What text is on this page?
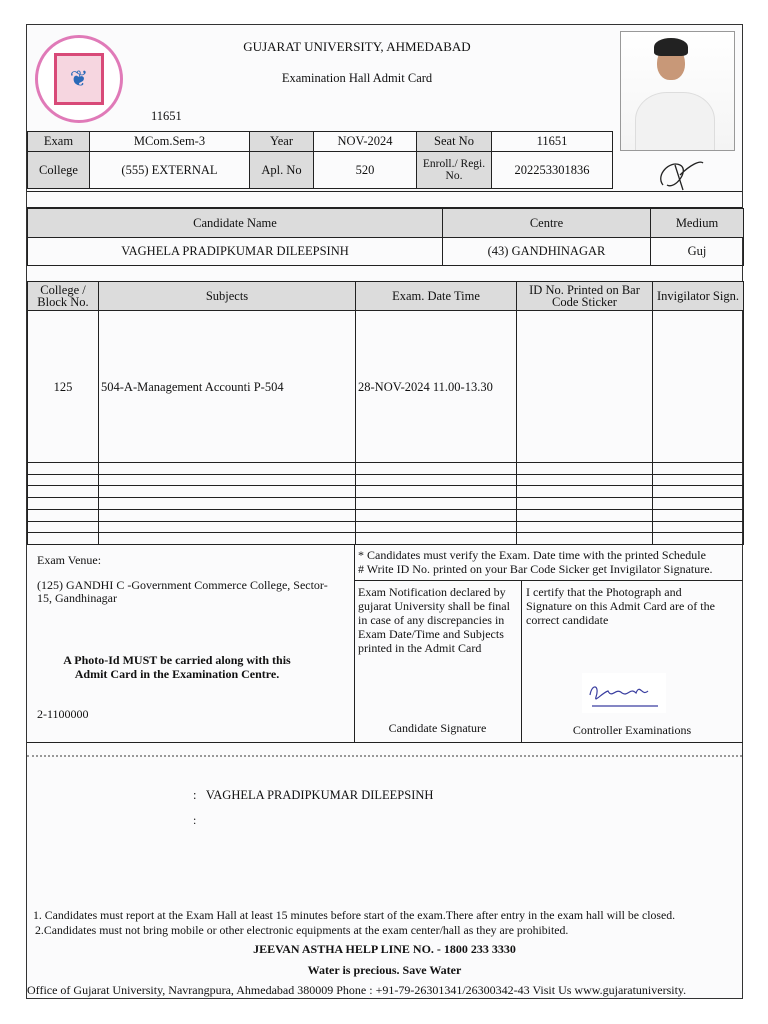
❦
GUJARAT UNIVERSITY, AHMEDABAD
Examination Hall Admit Card
11651
Exam	MCom.Sem-3	Year	NOV-2024	Seat No	11651
College	(555) EXTERNAL	Apl. No	520	Enroll./ Regi. No.	202253301836
Candidate Name	Centre	Medium
VAGHELA PRADIPKUMAR DILEEPSINH	(43) GANDHINAGAR	Guj
College / Block No.	Subjects	Exam. Date Time	ID No. Printed on Bar Code Sticker	Invigilator Sign.
125	504-A-Management Accounti P-504	28-NOV-2024 11.00-13.30		

Exam Venue:
(125) GANDHI C -Government Commerce College, Sector-15, Gandhinagar
A Photo-Id MUST be carried along with this Admit Card in the Examination Centre.
2-1100000
* Candidates must verify the Exam. Date time with the printed Schedule
# Write ID No. printed on your Bar Code Sicker get Invigilator Signature.
Exam Notification declared by gujarat University shall be final in case of any discrepancies in Exam Date/Time and Subjects printed in the Admit Card
I certify that the Photograph and Signature on this Admit Card are of the correct candidate
Candidate Signature	Controller Examinations
: VAGHELA PRADIPKUMAR DILEEPSINH
:
1. Candidates must report at the Exam Hall at least 15 minutes before start of the exam.There after entry in the exam hall will be closed.
2.Candidates must not bring mobile or other electronic equipments at the exam center/hall as they are prohibited.
JEEVAN ASTHA HELP LINE NO. - 1800 233 3330
Water is precious. Save Water
Office of Gujarat University, Navrangpura, Ahmedabad 380009 Phone : +91-79-26301341/26300342-43 Visit Us www.gujaratuniversity.
